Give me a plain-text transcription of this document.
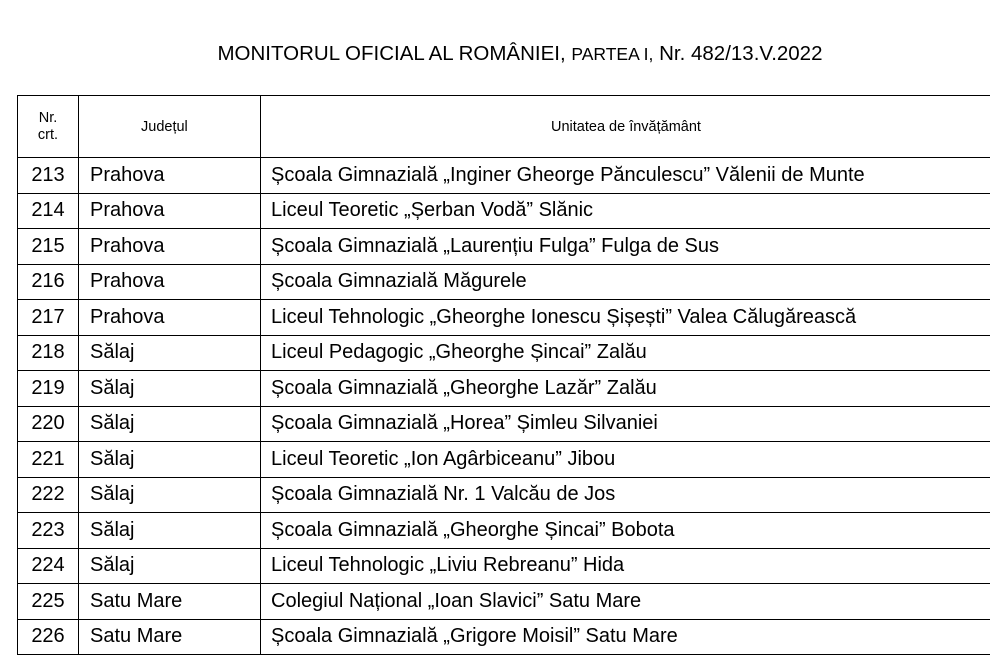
MONITORUL OFICIAL AL ROMÂNIEI, PARTEA I, Nr. 482/13.V.2022
Nr.
crt.	Județul	Unitatea de învățământ
213	Prahova	Școala Gimnazială „Inginer Gheorge Pănculescu” Vălenii de Munte
214	Prahova	Liceul Teoretic „Șerban Vodă” Slănic
215	Prahova	Școala Gimnazială „Laurențiu Fulga” Fulga de Sus
216	Prahova	Școala Gimnazială Măgurele
217	Prahova	Liceul Tehnologic „Gheorghe Ionescu Șișești” Valea Călugărească
218	Sălaj	Liceul Pedagogic „Gheorghe Șincai” Zalău
219	Sălaj	Școala Gimnazială „Gheorghe Lazăr” Zalău
220	Sălaj	Școala Gimnazială „Horea” Șimleu Silvaniei
221	Sălaj	Liceul Teoretic „Ion Agârbiceanu” Jibou
222	Sălaj	Școala Gimnazială Nr. 1 Valcău de Jos
223	Sălaj	Școala Gimnazială „Gheorghe Șincai” Bobota
224	Sălaj	Liceul Tehnologic „Liviu Rebreanu” Hida
225	Satu Mare	Colegiul Național „Ioan Slavici” Satu Mare
226	Satu Mare	Școala Gimnazială „Grigore Moisil” Satu Mare
